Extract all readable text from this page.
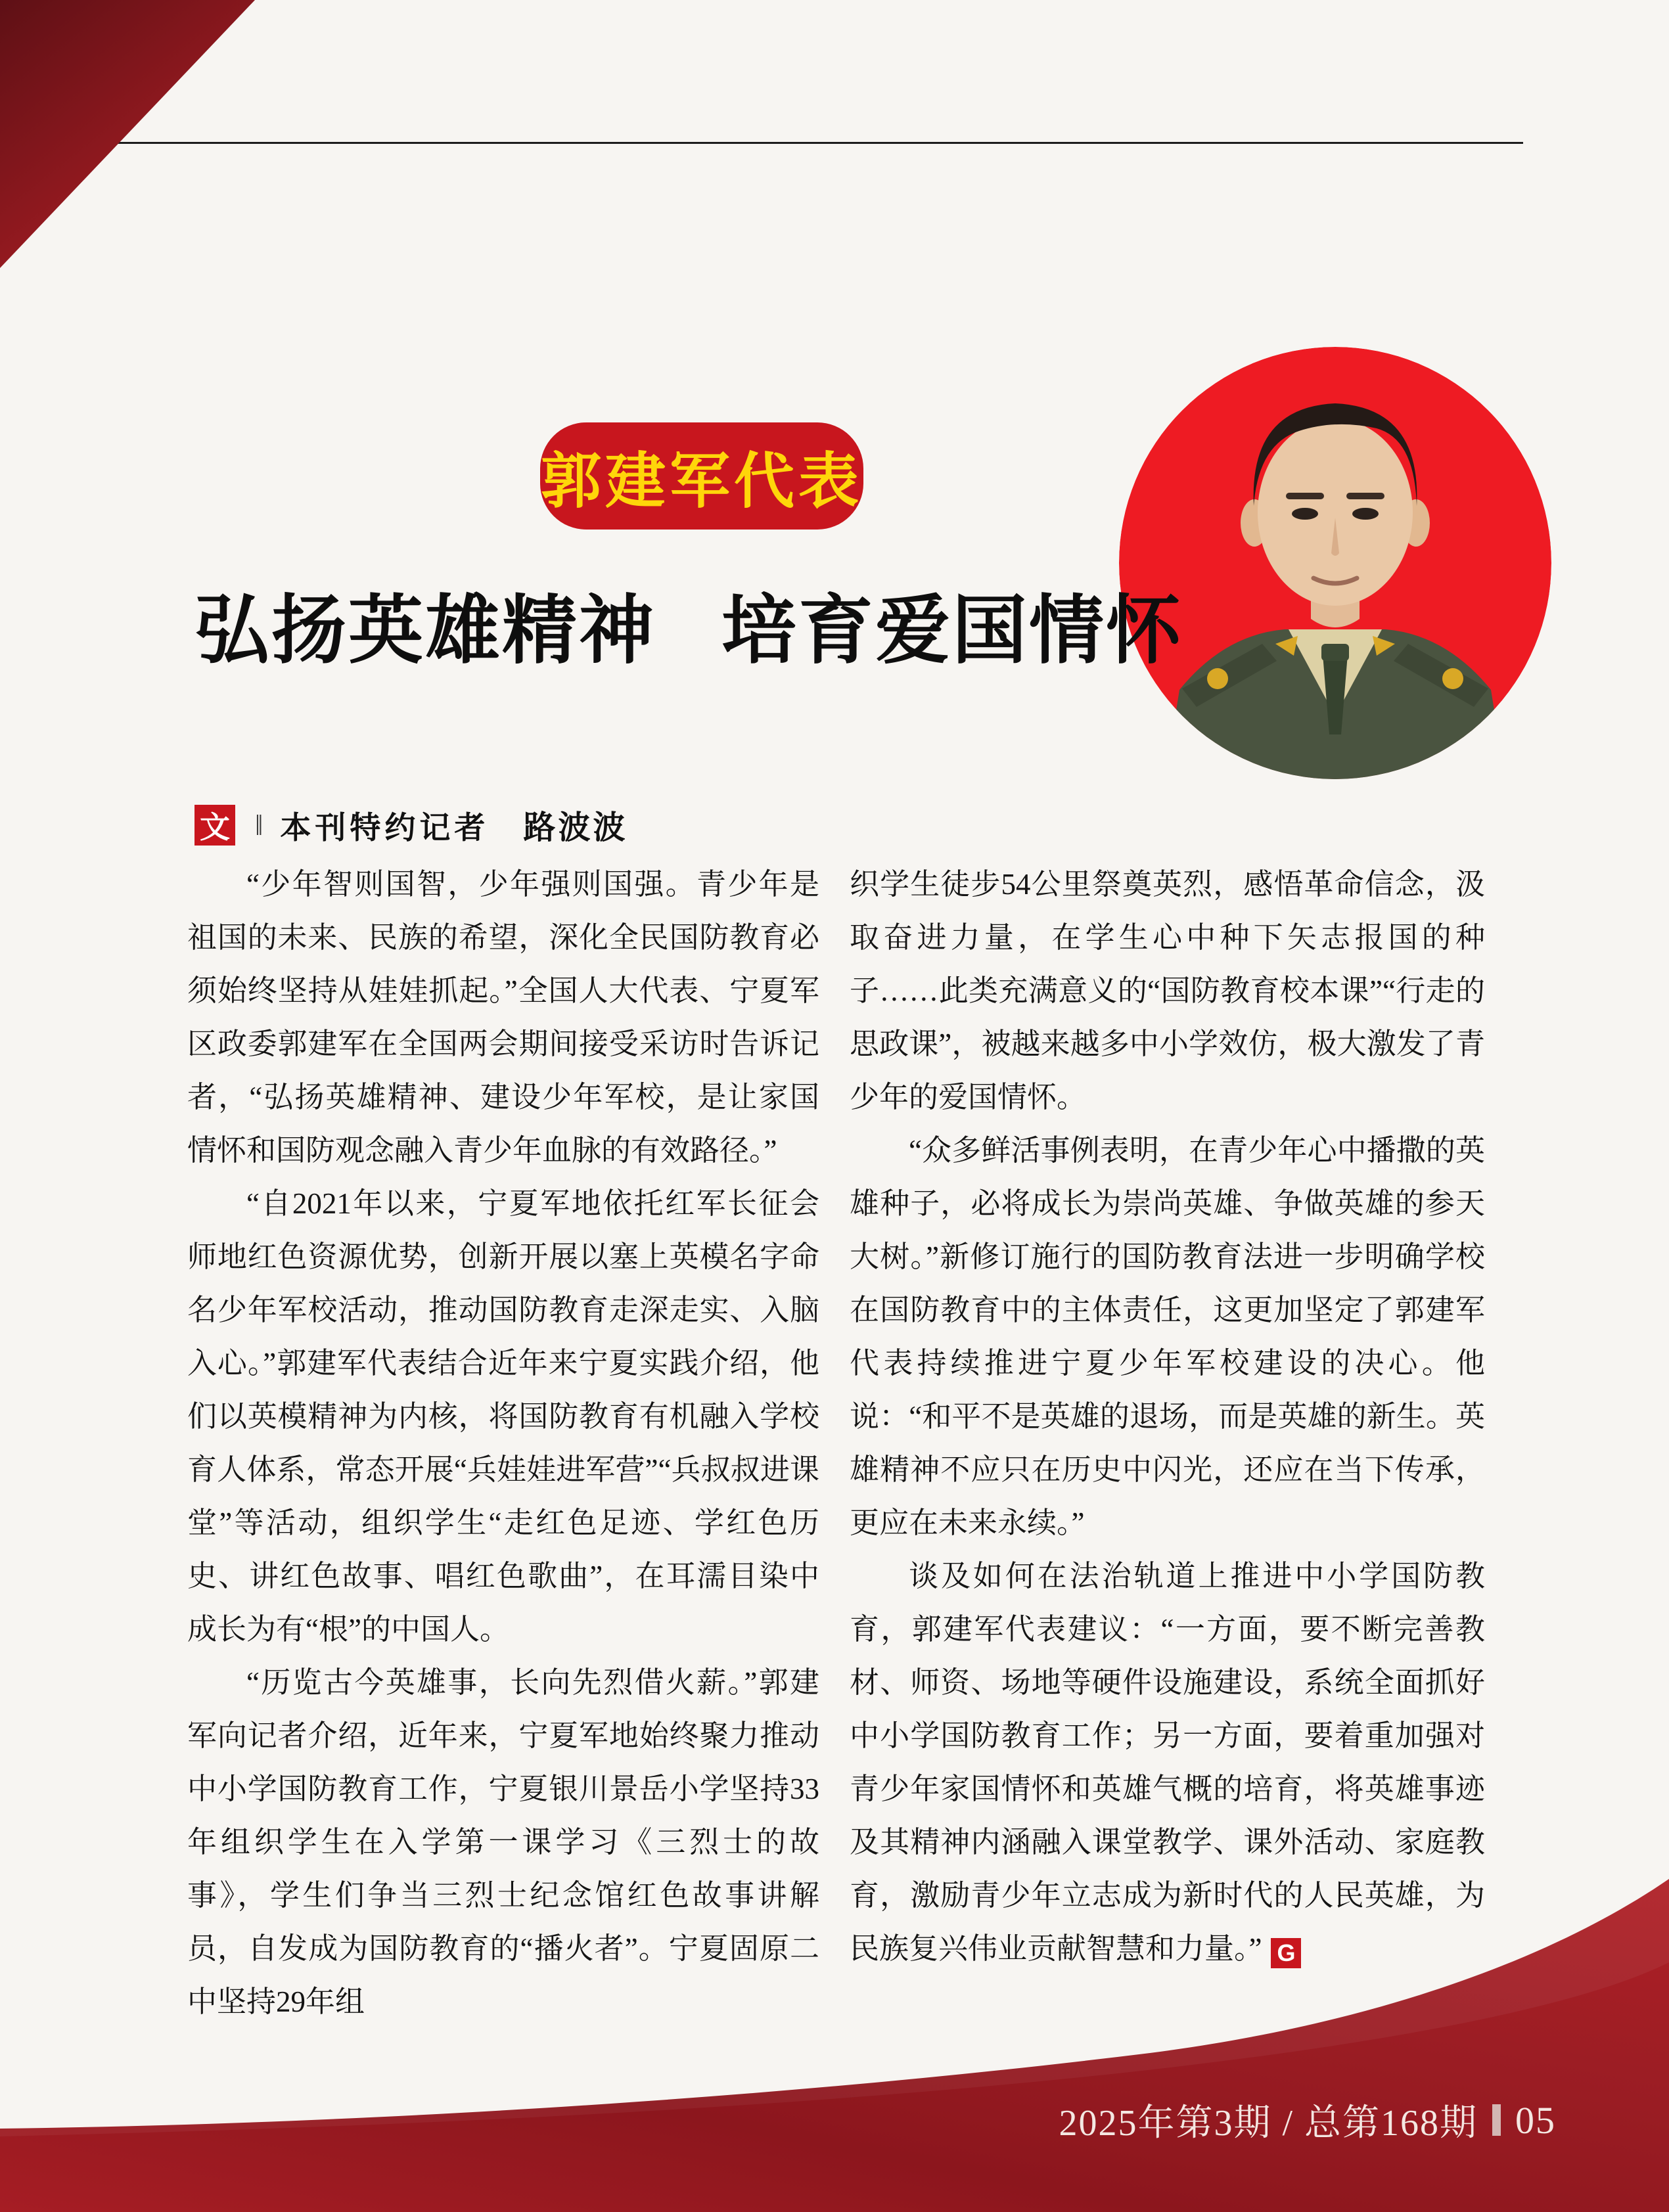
郭建军代表
弘扬英雄精神 培育爱国情怀
文 ‖ 本刊特约记者 路波波

“少年智则国智，少年强则国强。青少年是祖国的未来、民族的希望，深化全民国防教育必须始终坚持从娃娃抓起。”全国人大代表、宁夏军区政委郭建军在全国两会期间接受采访时告诉记者，“弘扬英雄精神、建设少年军校，是让家国情怀和国防观念融入青少年血脉的有效路径。”

“自2021年以来，宁夏军地依托红军长征会师地红色资源优势，创新开展以塞上英模名字命名少年军校活动，推动国防教育走深走实、入脑入心。”郭建军代表结合近年来宁夏实践介绍，他们以英模精神为内核，将国防教育有机融入学校育人体系，常态开展“兵娃娃进军营”“兵叔叔进课堂”等活动，组织学生“走红色足迹、学红色历史、讲红色故事、唱红色歌曲”，在耳濡目染中成长为有“根”的中国人。

“历览古今英雄事，长向先烈借火薪。”郭建军向记者介绍，近年来，宁夏军地始终聚力推动中小学国防教育工作，宁夏银川景岳小学坚持33年组织学生在入学第一课学习《三烈士的故事》，学生们争当三烈士纪念馆红色故事讲解员，自发成为国防教育的“播火者”。宁夏固原二中坚持29年组

织学生徒步54公里祭奠英烈，感悟革命信念，汲取奋进力量，在学生心中种下矢志报国的种子……此类充满意义的“国防教育校本课”“行走的思政课”，被越来越多中小学效仿，极大激发了青少年的爱国情怀。

“众多鲜活事例表明，在青少年心中播撒的英雄种子，必将成长为崇尚英雄、争做英雄的参天大树。”新修订施行的国防教育法进一步明确学校在国防教育中的主体责任，这更加坚定了郭建军代表持续推进宁夏少年军校建设的决心。他说：“和平不是英雄的退场，而是英雄的新生。英雄精神不应只在历史中闪光，还应在当下传承，更应在未来永续。”

谈及如何在法治轨道上推进中小学国防教育，郭建军代表建议：“一方面，要不断完善教材、师资、场地等硬件设施建设，系统全面抓好中小学国防教育工作；另一方面，要着重加强对青少年家国情怀和英雄气概的培育，将英雄事迹及其精神内涵融入课堂教学、课外活动、家庭教育，激励青少年立志成为新时代的人民英雄，为民族复兴伟业贡献智慧和力量。” G

2025年第3期 / 总第168期 05
